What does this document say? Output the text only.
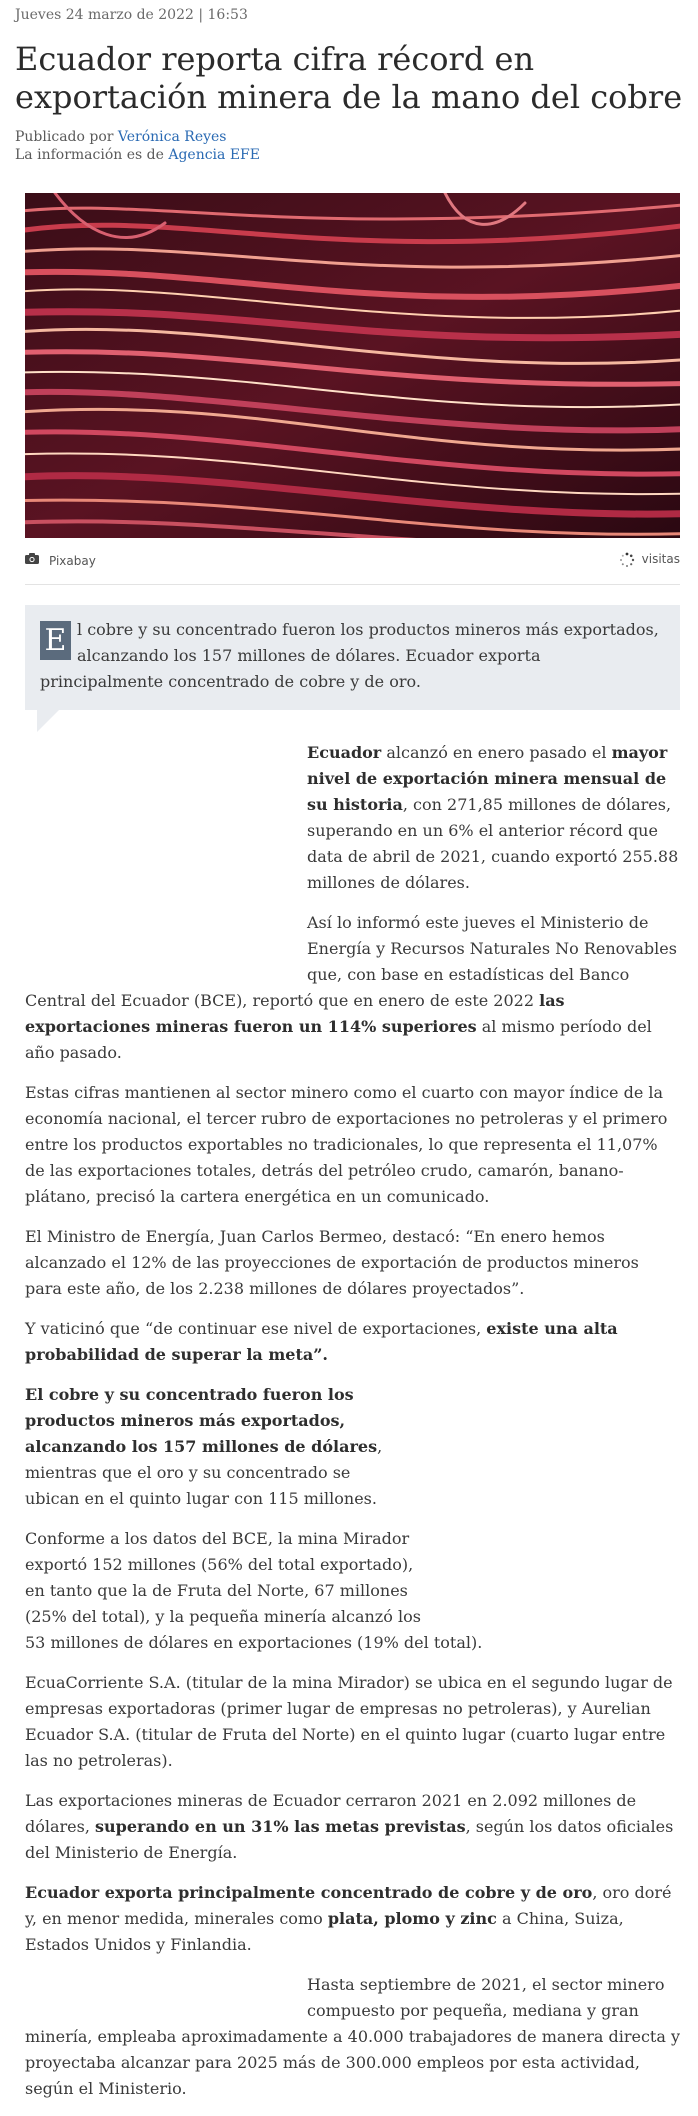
Jueves 24 marzo de 2022 | 16:53
Ecuador reporta cifra récord en exportación minera de la mano del cobre
Publicado por Verónica Reyes
La información es de Agencia EFE
Pixabay	visitas
E l cobre y su concentrado fueron los productos mineros más exportados, alcanzando los 157 millones de dólares. Ecuador exporta principalmente concentrado de cobre y de oro.

Ecuador alcanzó en enero pasado el mayor nivel de exportación minera mensual de su historia, con 271,85 millones de dólares, superando en un 6% el anterior récord que data de abril de 2021, cuando exportó 255.88 millones de dólares.

Así lo informó este jueves el Ministerio de Energía y Recursos Naturales No Renovables que, con base en estadísticas del Banco Central del Ecuador (BCE), reportó que en enero de este 2022 las exportaciones mineras fueron un 114% superiores al mismo período del año pasado.

Estas cifras mantienen al sector minero como el cuarto con mayor índice de la economía nacional, el tercer rubro de exportaciones no petroleras y el primero entre los productos exportables no tradicionales, lo que representa el 11,07% de las exportaciones totales, detrás del petróleo crudo, camarón, banano-plátano, precisó la cartera energética en un comunicado.

El Ministro de Energía, Juan Carlos Bermeo, destacó: “En enero hemos alcanzado el 12% de las proyecciones de exportación de productos mineros para este año, de los 2.238 millones de dólares proyectados”.

Y vaticinó que “de continuar ese nivel de exportaciones, existe una alta probabilidad de superar la meta”.

El cobre y su concentrado fueron los productos mineros más exportados, alcanzando los 157 millones de dólares, mientras que el oro y su concentrado se ubican en el quinto lugar con 115 millones.

Conforme a los datos del BCE, la mina Mirador
exportó 152 millones (56% del total exportado),
en tanto que la de Fruta del Norte, 67 millones
(25% del total), y la pequeña minería alcanzó los
53 millones de dólares en exportaciones (19% del total).

EcuaCorriente S.A. (titular de la mina Mirador) se ubica en el segundo lugar de empresas exportadoras (primer lugar de empresas no petroleras), y Aurelian Ecuador S.A. (titular de Fruta del Norte) en el quinto lugar (cuarto lugar entre las no petroleras).

Las exportaciones mineras de Ecuador cerraron 2021 en 2.092 millones de dólares, superando en un 31% las metas previstas, según los datos oficiales del Ministerio de Energía.

Ecuador exporta principalmente concentrado de cobre y de oro, oro doré y, en menor medida, minerales como plata, plomo y zinc a China, Suiza, Estados Unidos y Finlandia.

Hasta septiembre de 2021, el sector minero compuesto por pequeña, mediana y gran minería, empleaba aproximadamente a 40.000 trabajadores de manera directa y proyectaba alcanzar para 2025 más de 300.000 empleos por esta actividad, según el Ministerio.
